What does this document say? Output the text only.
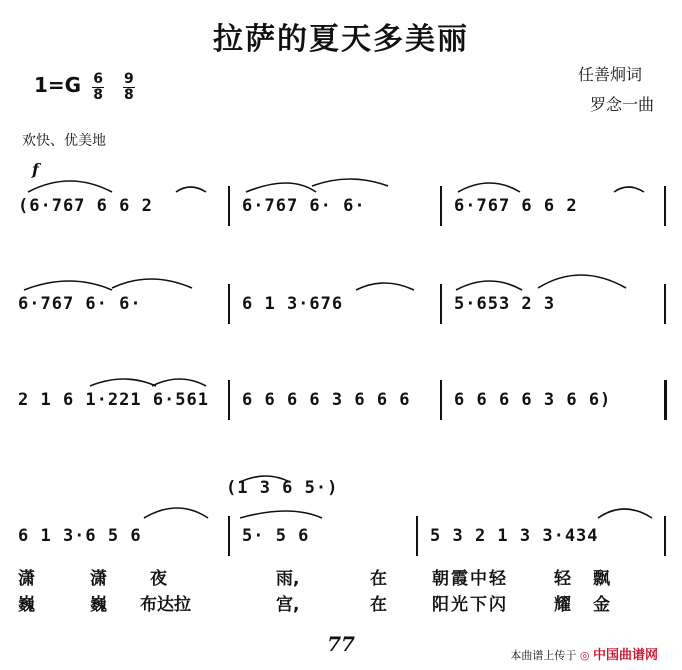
拉萨的夏天多美丽
任善炯词
罗念一曲
$1=G \frac{6}{8}$
$\frac{9}{8}$
欢快、优美地
f
(6·767 6 6 2	6·767 6· 6·	6·767 6 6 2
6·767 6· 6·	6 1 3·676	5·653 2 3
2 1 6 1·221 6·561 6 6 6 6 3 6 6 6	6 6 6 6 3 6 6)
(1 3 6 5·)
6 1 3·6 5 6	5· 5 6	5 3 2 1 3 3·434
潇	潇	夜	雨,	在	朝霞中轻	轻飘
巍	巍 布达拉	宫,	在	阳光下闪	耀金
77	本曲谱上传于 ◎ 中国曲谱网
